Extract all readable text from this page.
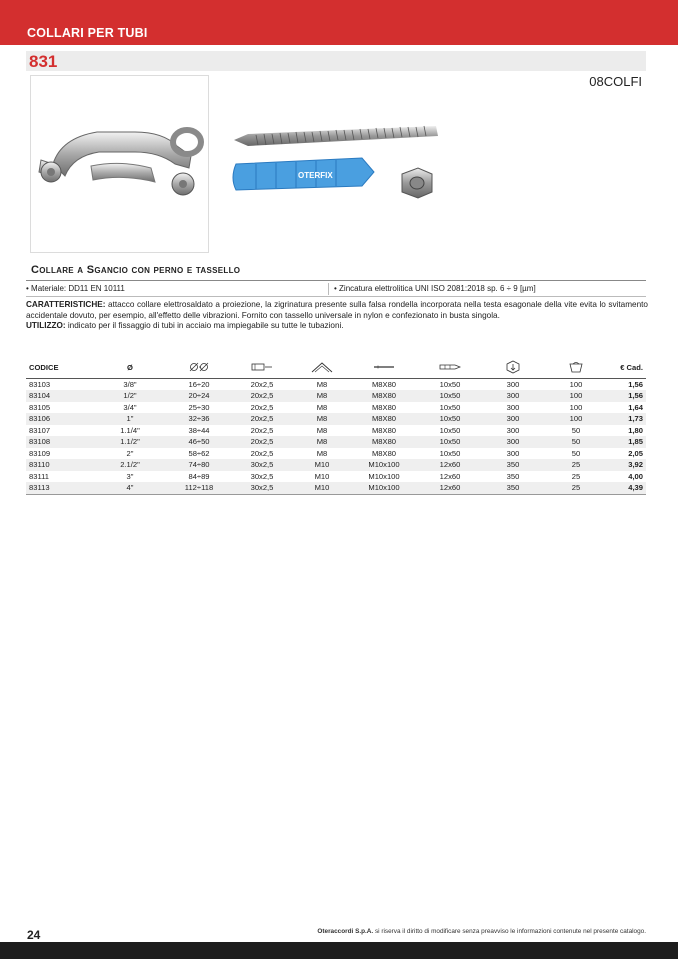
COLLARI PER TUBI
831
08COLFI
OTERFIX
Collare a Sgancio con perno e tassello
• Materiale: DD11 EN 10111	• Zincatura elettrolitica UNI ISO 2081:2018 sp. 6 ÷ 9 [µm]

CARATTERISTICHE: attacco collare elettrosaldato a proiezione, la zigrinatura presente sulla falsa rondella incorporata nella testa esagonale della vite evita lo svitamento accidentale dovuto, per esempio, all'effetto delle vibrazioni. Fornito con tassello universale in nylon e confezionato in busta singola.

UTILIZZO: indicato per il fissaggio di tubi in acciaio ma impiegabile su tutte le tubazioni.

CODICE	Ø								€ Cad.
83103	3/8"	16÷20	20x2,5	M8	M8X80	10x50	300	100	1,56
83104	1/2"	20÷24	20x2,5	M8	M8X80	10x50	300	100	1,56
83105	3/4"	25÷30	20x2,5	M8	M8X80	10x50	300	100	1,64
83106	1"	32÷36	20x2,5	M8	M8X80	10x50	300	100	1,73
83107	1.1/4"	38÷44	20x2,5	M8	M8X80	10x50	300	50	1,80
83108	1.1/2"	46÷50	20x2,5	M8	M8X80	10x50	300	50	1,85
83109	2"	58÷62	20x2,5	M8	M8X80	10x50	300	50	2,05
83110	2.1/2"	74÷80	30x2,5	M10	M10x100	12x60	350	25	3,92
83111	3"	84÷89	30x2,5	M10	M10x100	12x60	350	25	4,00
83113	4"	112÷118	30x2,5	M10	M10x100	12x60	350	25	4,39
24	Oteraccordi S.p.A. si riserva il diritto di modificare senza preavviso le informazioni contenute nel presente catalogo.
